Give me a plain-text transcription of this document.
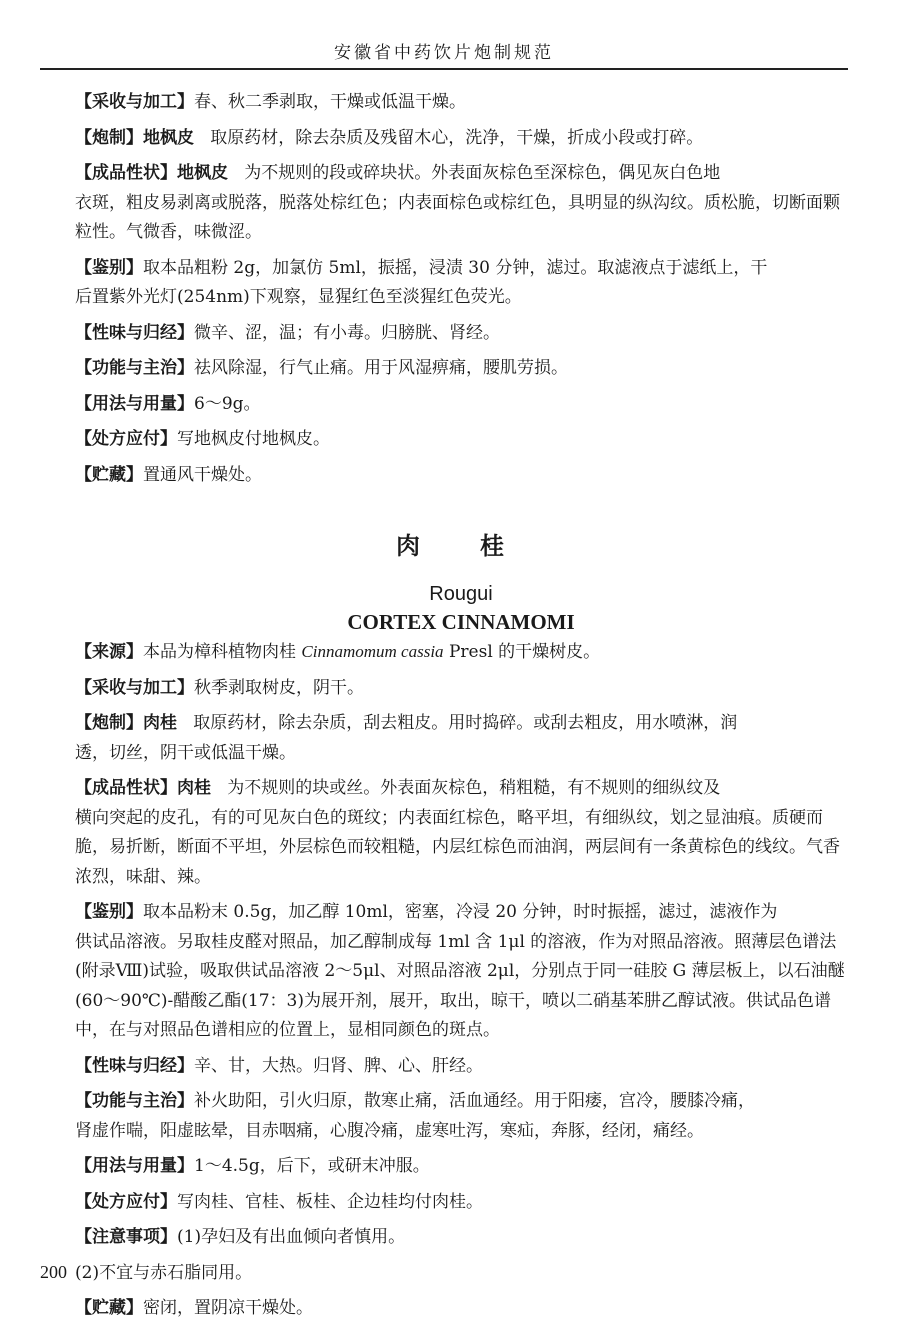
安徽省中药饮片炮制规范

【采收与加工】春、秋二季剥取，干燥或低温干燥。

【炮制】地枫皮 取原药材，除去杂质及残留木心，洗净，干燥，折成小段或打碎。

【成品性状】地枫皮 为不规则的段或碎块状。外表面灰棕色至深棕色，偶见灰白色地

衣斑，粗皮易剥离或脱落，脱落处棕红色；内表面棕色或棕红色，具明显的纵沟纹。质松脆，切断面颗粒性。气微香，味微涩。

【鉴别】取本品粗粉 2g，加氯仿 5ml，振摇，浸渍 30 分钟，滤过。取滤液点于滤纸上，干

后置紫外光灯(254nm)下观察，显猩红色至淡猩红色荧光。

【性味与归经】微辛、涩，温；有小毒。归膀胱、肾经。

【功能与主治】祛风除湿，行气止痛。用于风湿痹痛，腰肌劳损。

【用法与用量】6～9g。

【处方应付】写地枫皮付地枫皮。

【贮藏】置通风干燥处。

肉桂
Rougui
CORTEX CINNAMOMI

【来源】本品为樟科植物肉桂 Cinnamomum cassia Presl 的干燥树皮。

【采收与加工】秋季剥取树皮，阴干。

【炮制】肉桂 取原药材，除去杂质，刮去粗皮。用时捣碎。或刮去粗皮，用水喷淋，润

透，切丝，阴干或低温干燥。

【成品性状】肉桂 为不规则的块或丝。外表面灰棕色，稍粗糙，有不规则的细纵纹及

横向突起的皮孔，有的可见灰白色的斑纹；内表面红棕色，略平坦，有细纵纹，划之显油痕。质硬而脆，易折断，断面不平坦，外层棕色而较粗糙，内层红棕色而油润，两层间有一条黄棕色的线纹。气香浓烈，味甜、辣。

【鉴别】取本品粉末 0.5g，加乙醇 10ml，密塞，冷浸 20 分钟，时时振摇，滤过，滤液作为

供试品溶液。另取桂皮醛对照品，加乙醇制成每 1ml 含 1μl 的溶液，作为对照品溶液。照薄层色谱法(附录Ⅷ)试验，吸取供试品溶液 2～5μl、对照品溶液 2μl，分别点于同一硅胶 G 薄层板上，以石油醚(60～90℃)-醋酸乙酯(17：3)为展开剂，展开，取出，晾干，喷以二硝基苯肼乙醇试液。供试品色谱中，在与对照品色谱相应的位置上，显相同颜色的斑点。

【性味与归经】辛、甘，大热。归肾、脾、心、肝经。

【功能与主治】补火助阳，引火归原，散寒止痛，活血通经。用于阳痿，宫冷，腰膝冷痛，

肾虚作喘，阳虚眩晕，目赤咽痛，心腹冷痛，虚寒吐泻，寒疝，奔豚，经闭，痛经。

【用法与用量】1～4.5g，后下，或研末冲服。

【处方应付】写肉桂、官桂、板桂、企边桂均付肉桂。

【注意事项】(1)孕妇及有出血倾向者慎用。

(2)不宜与赤石脂同用。

【贮藏】密闭，置阴凉干燥处。

200
